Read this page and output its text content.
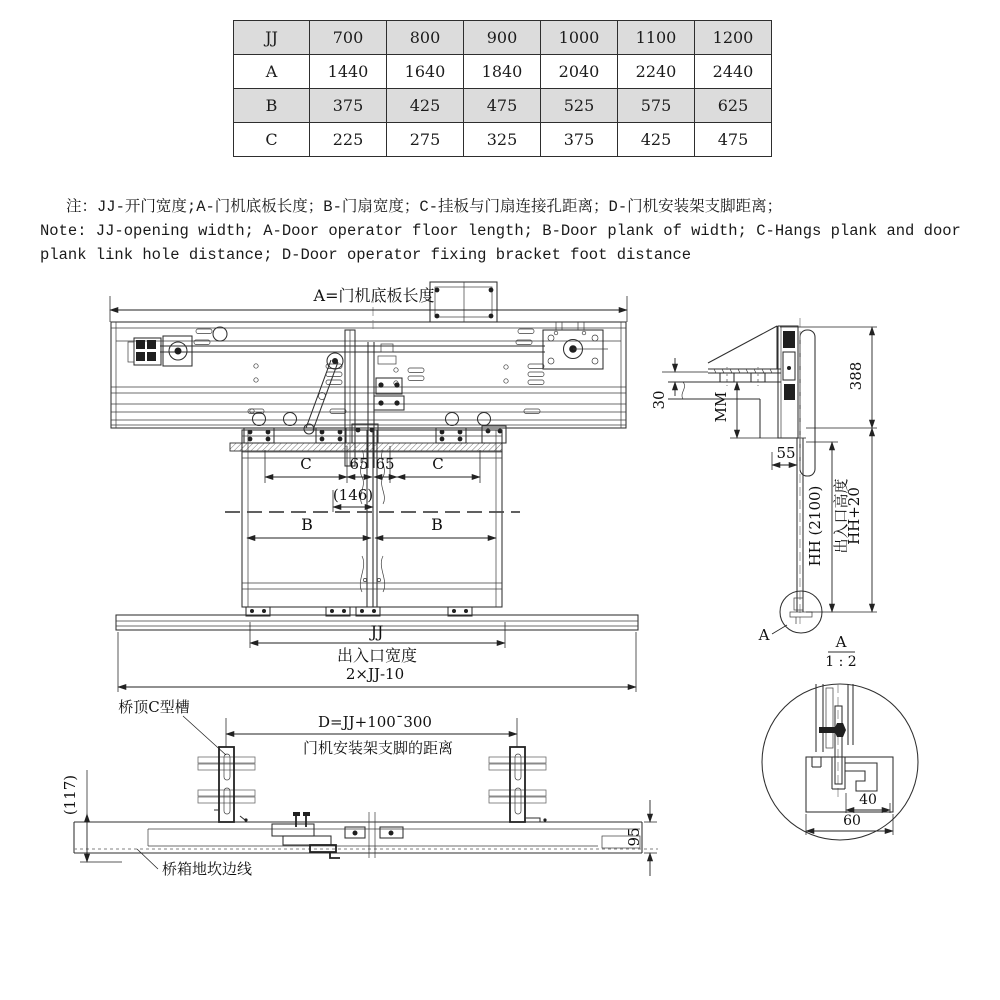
JJ	700	800	900	1000	1100	1200
A	1440	1640	1840	2040	2240	2440
B	375	425	475	525	575	625
C	225	275	325	375	425	475
注：JJ-开门宽度;A-门机底板长度；B-门扇宽度；C-挂板与门扇连接孔距离；D-门机安装架支脚距离；
Note: JJ-opening width; A-Door operator floor length; B-Door plank of width; C-Hangs plank and door plank link hole distance; D-Door operator fixing bracket foot distance
A=门机底板长度
C	65 65	C
(146)
B	B
JJ
出入口宽度
2×JJ-10
A
30	MM
388
55
HH (2100) 出入口高度
HH+20
A
1 : 2
桥顶C型槽
D=JJ+100¯300
门机安装架支脚的距离
(117)
桥箱地坎边线
95
40
60
